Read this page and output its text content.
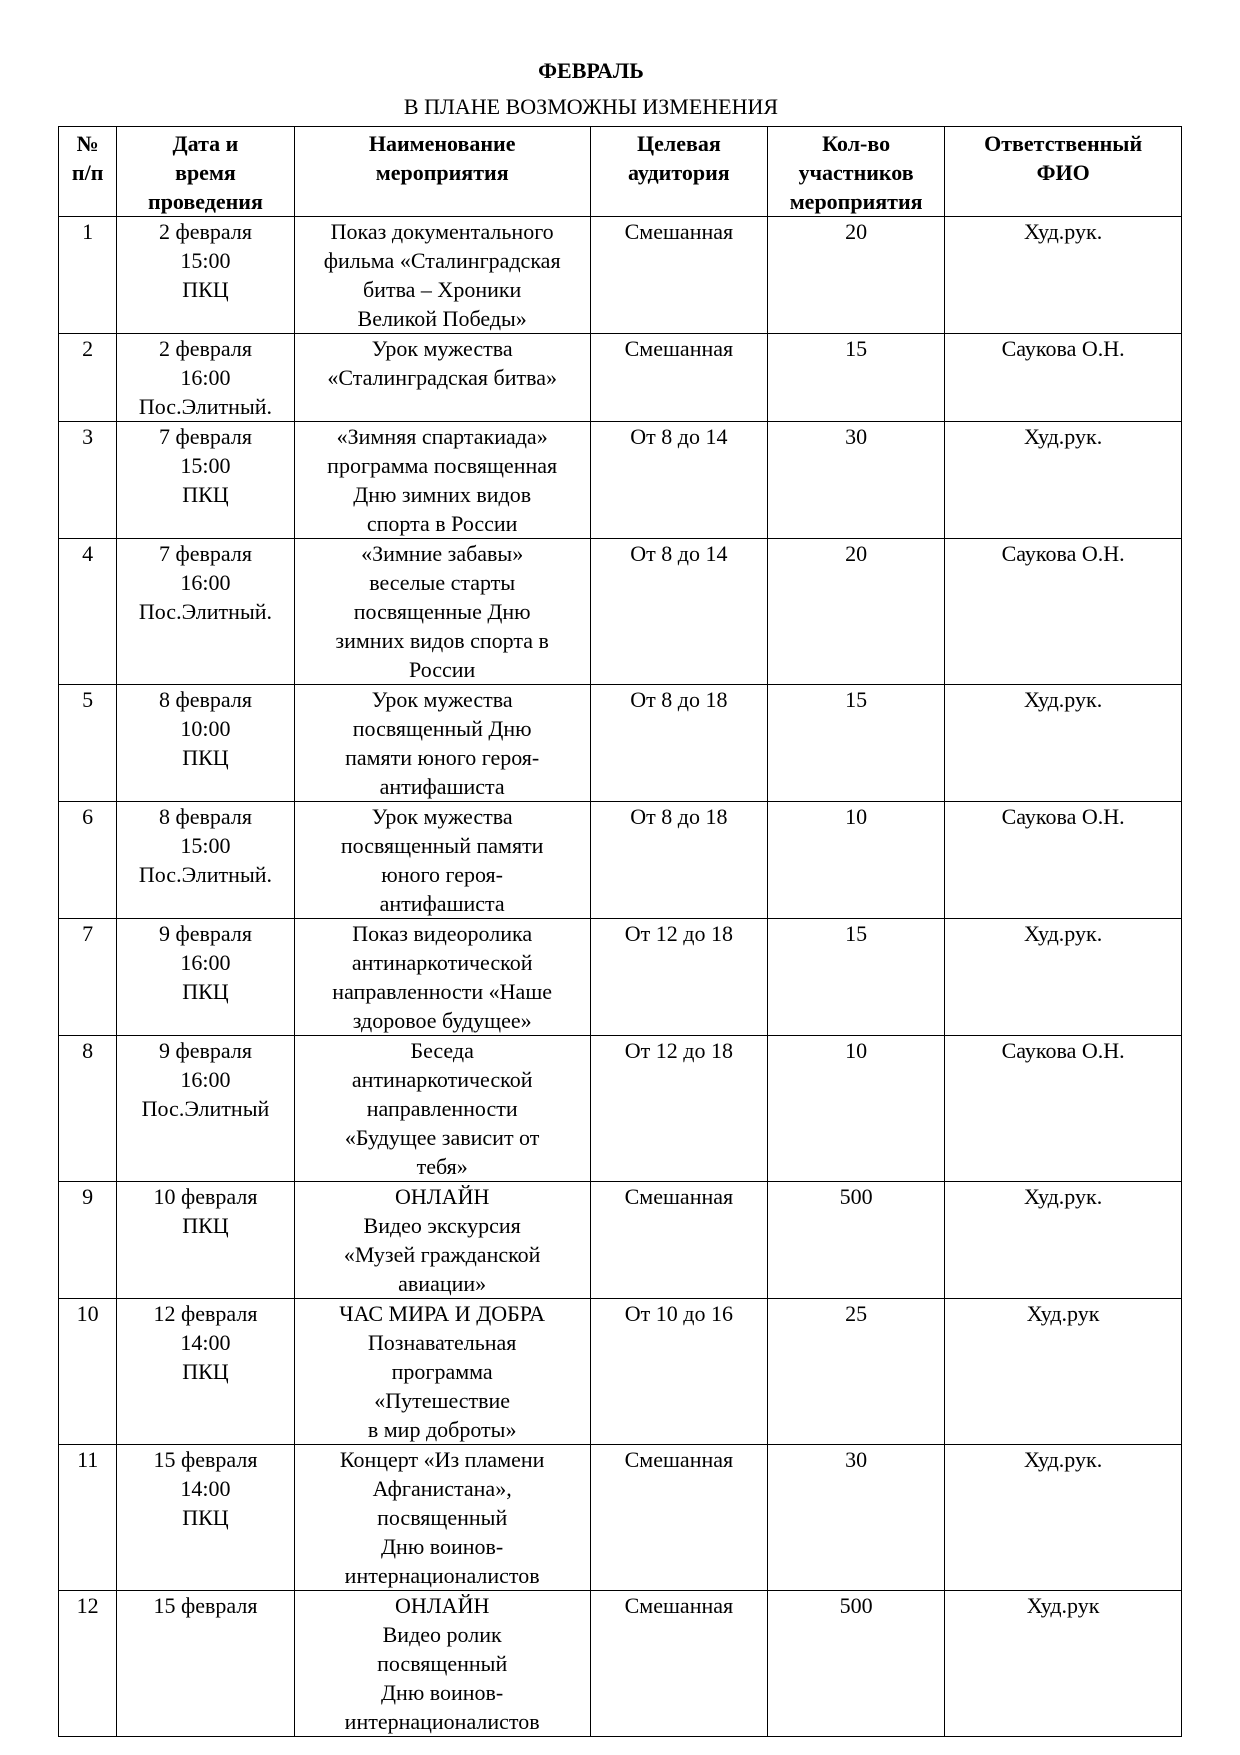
ФЕВРАЛЬ
В ПЛАНЕ ВОЗМОЖНЫ ИЗМЕНЕНИЯ
№
п/п	Дата и
время
проведения	Наименование
мероприятия	Целевая
аудитория	Кол-во
участников
мероприятия	Ответственный
ФИО

1	2 февраля
15:00
ПКЦ	Показ документального
фильма «Сталинградская
битва – Хроники
Великой Победы»	Смешанная	20	Худ.рук.

2	2 февраля
16:00
Пос.Элитный.	Урок мужества
«Сталинградская битва»	Смешанная	15	Саукова О.Н.

3	7 февраля
15:00
ПКЦ	«Зимняя спартакиада»
программа посвященная
Дню зимних видов
спорта в России	От 8 до 14	30	Худ.рук.

4	7 февраля
16:00
Пос.Элитный.	«Зимние забавы»
веселые старты
посвященные Дню
зимних видов спорта в
России	От 8 до 14	20	Саукова О.Н.

5	8 февраля
10:00
ПКЦ	Урок мужества
посвященный Дню
памяти юного героя-
антифашиста	От 8 до 18	15	Худ.рук.

6	8 февраля
15:00
Пос.Элитный.	Урок мужества
посвященный памяти
юного героя-
антифашиста	От 8 до 18	10	Саукова О.Н.

7	9 февраля
16:00
ПКЦ	Показ видеоролика
антинаркотической
направленности «Наше
здоровое будущее»	От 12 до 18	15	Худ.рук.

8	9 февраля
16:00
Пос.Элитный	Беседа
антинаркотической
направленности
«Будущее зависит от
тебя»	От 12 до 18	10	Саукова О.Н.

9	10 февраля
ПКЦ	ОНЛАЙН
Видео экскурсия
«Музей гражданской
авиации»	Смешанная	500	Худ.рук.

10	12 февраля
14:00
ПКЦ	ЧАС МИРА И ДОБРА
Познавательная
программа
«Путешествие
в мир доброты»	От 10 до 16	25	Худ.рук

11	15 февраля
14:00
ПКЦ	Концерт «Из пламени
Афганистана»,
посвященный
Дню воинов-
интернационалистов	Смешанная	30	Худ.рук.

12	15 февраля	ОНЛАЙН
Видео ролик
посвященный
Дню воинов-
интернационалистов	Смешанная	500	Худ.рук
